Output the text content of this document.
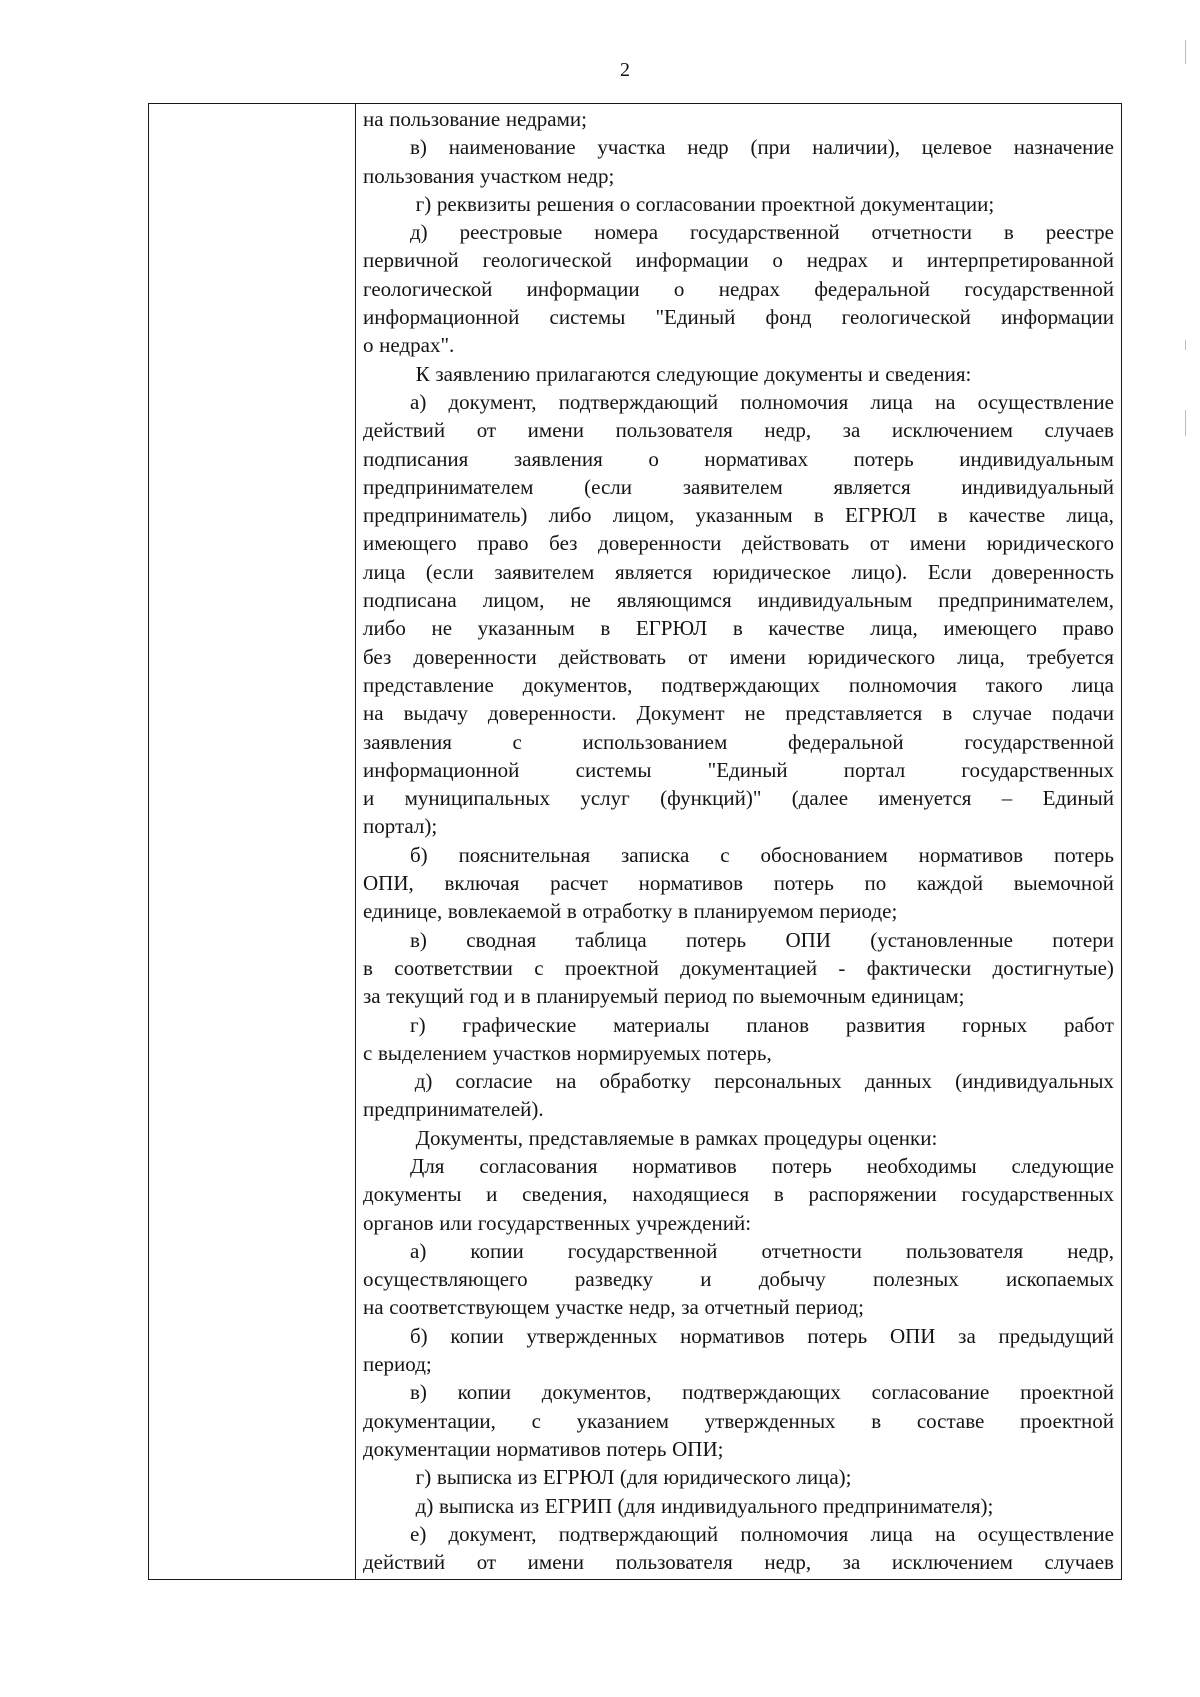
2
на пользование недрами;
в) наименование участка недр (при наличии), целевое назначение
пользования участком недр;
г) реквизиты решения о согласовании проектной документации;
д) реестровые номера государственной отчетности в реестре
первичной геологической информации о недрах и интерпретированной
геологической информации о недрах федеральной государственной
информационной системы "Единый фонд геологической информации
о недрах".
К заявлению прилагаются следующие документы и сведения:
а) документ, подтверждающий полномочия лица на осуществление
действий от имени пользователя недр, за исключением случаев
подписания заявления о нормативах потерь индивидуальным
предпринимателем (если заявителем является индивидуальный
предприниматель) либо лицом, указанным в ЕГРЮЛ в качестве лица,
имеющего право без доверенности действовать от имени юридического
лица (если заявителем является юридическое лицо). Если доверенность
подписана лицом, не являющимся индивидуальным предпринимателем,
либо не указанным в ЕГРЮЛ в качестве лица, имеющего право
без доверенности действовать от имени юридического лица, требуется
представление документов, подтверждающих полномочия такого лица
на выдачу доверенности. Документ не представляется в случае подачи
заявления	с	использованием	федеральной	государственной
информационной	системы	"Единый	портал	государственных
и муниципальных услуг (функций)" (далее именуется – Единый
портал);
б) пояснительная записка с обоснованием нормативов потерь
ОПИ, включая расчет нормативов потерь по каждой выемочной
единице, вовлекаемой в отработку в планируемом периоде;
в) сводная таблица потерь ОПИ (установленные потери
в соответствии с проектной документацией - фактически достигнутые)
за текущий год и в планируемый период по выемочным единицам;
г) графические материалы планов развития горных работ
с выделением участков нормируемых потерь,
д) согласие на обработку персональных данных (индивидуальных
предпринимателей).
Документы, представляемые в рамках процедуры оценки:
Для согласования нормативов потерь необходимы следующие
документы и сведения, находящиеся в распоряжении государственных
органов или государственных учреждений:
а) копии государственной отчетности пользователя недр,
осуществляющего разведку и добычу полезных ископаемых
на соответствующем участке недр, за отчетный период;
б) копии утвержденных нормативов потерь ОПИ за предыдущий
период;
в) копии документов, подтверждающих согласование проектной
документации, с указанием утвержденных в составе проектной
документации нормативов потерь ОПИ;
г) выписка из ЕГРЮЛ (для юридического лица);
д) выписка из ЕГРИП (для индивидуального предпринимателя);
е) документ, подтверждающий полномочия лица на осуществление
действий от имени пользователя недр, за исключением случаев
